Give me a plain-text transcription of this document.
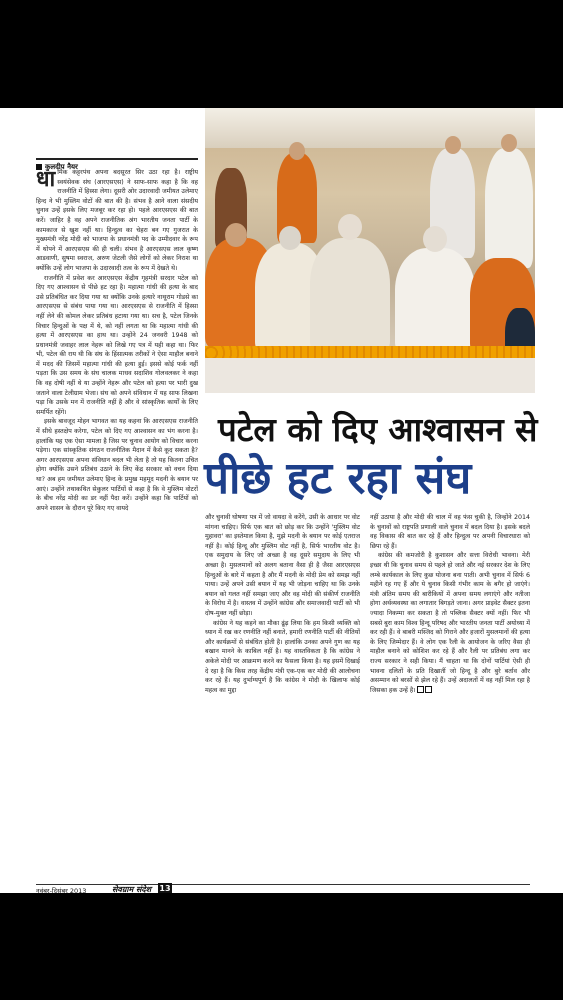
कुलदीप नैयर

धार्मिक कट्टरपंथ अपना बदसूरत सिर उठा रहा है। राष्ट्रीय स्वयंसेवक संघ (आरएसएस) ने साफ-साफ कहा है कि वह राजनीति में हिस्सा लेगा। दूसरी ओर उदारवादी जमीयत उलेमाए हिन्द ने भी मुस्लिम वोटों की बात की है। संभव है आने वाला संसदीय चुनाव उन्हें इसके लिए मजबूर कर रहा हो। पहले आरएसएस की बात करें। जाहिर है वह अपने राजनीतिक अंग भारतीय जनता पार्टी के कामकाज से खुश नहीं था। हिन्दुत्व का चेहरा बन गए गुजरात के मुख्यमंत्री नरेंद्र मोदी को भाजपा के प्रधानमंत्री पद के उम्मीदवार के रूप में थोपने में आरएसएस की ही चली। संभव है आरएसएस लाल कृष्ण आडवाणी, सुषमा स्वराज, अरुण जेटली जैसे लोगों को लेकर निराश था क्योंकि उन्हें लोग भाजपा के उदारवादी तत्व के रूप में देखते थे।

राजनीति में प्रवेश कर आरएसएस केंद्रीय गृहमंत्री सरदार पटेल को दिए गए आश्वासन से पीछे हट रहा है। महात्मा गांधी की हत्या के बाद उसे प्रतिबंधित कर दिया गया था क्योंकि उनके हत्यारे नाथूराम गोडसे का आरएसएस से संबंध पाया गया था। आरएसएस से राजनीति में हिस्सा नहीं लेने की कोमल लेकर प्रतिबंध हटाया गया था। सच है, पटेल जिनके विचार हिन्दुओं के पक्ष में थे, को नहीं लगता था कि महात्मा गांधी की हत्या में आरएसएस का हाथ था। उन्होंने 24 जनवरी 1948 को प्रधानमंत्री जवाहर लाल नेहरू को लिखे गए पत्र में यही कहा था। फिर भी, पटेल की राय थी कि संघ के हिंसात्मक तरीकों ने ऐसा माहौल बनाने में मदद की जिसमें महात्मा गांधी की हत्या हुई। इससे कोई फर्क नहीं पड़ता कि उस समय के संघ चालक माधव सदाशिव गोलवलकर ने कहा कि वह दोषी नहीं थे या उन्होंने नेहरू और पटेल को हत्या पर भारी दुख जताने वाला टेलीग्राम भेजा। संघ को अपने संविधान में यह साफ लिखना पड़ा कि उसके मन में राजनीति नहीं है और वे सांस्कृतिक कार्यों के लिए समर्पित रहेंगे।

इसके बावजूद मोहन भागवत का यह कहना कि आरएसएस राजनीति में सीधे हस्तक्षेप करेगा, पटेल को दिए गए आश्वासन का भंग करना है। हालांकि यह एक ऐसा मामला है जिस पर चुनाव आयोग को विचार करना पड़ेगा। एक सांस्कृतिक संगठन राजनीतिक मैदान में कैसे कूद सकता है? अगर आरएसएस अपना संविधान बदल भी लेता है तो यह कितना उचित होगा क्योंकि उसने प्रतिबंध उठाने के लिए केंद्र सरकार को वचन दिया था? अब हम जमीयत उलेमाए हिन्द के प्रमुख महमूद मदनी के बयान पर आएं। उन्होंने तथाकथित सेकुलर पार्टियों से कहा है कि वे मुस्लिम वोटरों के बीच नरेंद्र मोदी का डर नहीं पैदा करें। उन्होंने कहा कि पार्टियों को अपने शासन के दौरान पूरे किए गए वायदे

पटेल को दिए आश्वासन से
पीछे हट रहा संघ

और चुनावी घोषणा पत्र में जो वायदा वे करेंगे, उसी के आधार पर वोट मांगना चाहिए। सिर्फ एक बात को छोड़ कर कि उन्होंने 'मुस्लिम वोट मुहावरा' का इस्तेमाल किया है, मुझे मदनी के बयान पर कोई एतराज नहीं है। कोई हिन्दू और मुस्लिम वोट नहीं है, सिर्फ भारतीय वोट है। एक समुदाय के लिए जो अच्छा है वह दूसरे समुदाय के लिए भी अच्छा है। मुसलमानों को अलग बताना वैसा ही है जैसा आरएसएस हिन्दुओं के बारे में कहता है और मैं मदनी के मोदी प्रेम को समझ नहीं पाया। उन्हें अपने उसी बयान में यह भी जोड़ना चाहिए था कि उनके बयान को गलत नहीं समझा जाए और वह मोदी की संकीर्ण राजनीति के विरोध में है। वास्तव में उन्होंने कांग्रेस और समाजवादी पार्टी को भी दोष-मुक्त नहीं छोड़ा।

कांग्रेस ने यह कहने का मौका ढूंढ़ लिया कि हम किसी व्यक्ति को ध्यान में रख कर रणनीति नहीं बनाते, हमारी रणनीति पार्टी की नीतियों और कार्यक्रमों से संबंधित होती है। हालांकि उनका अपने गुण का यह बखान मानने के काबिल नहीं है। यह वास्तविकता है कि कांग्रेस ने अकेले मोदी पर आक्रमण करने का फैसला किया है। यह इसमें दिखाई दे रहा है कि किस तरह केंद्रीय मंत्री एक-एक कर मोदी की आलोचना कर रहे हैं। यह दुर्भाग्यपूर्ण है कि कांग्रेस ने मोदी के खिलाफ कोई महत्व का मुद्दा

नहीं उठाया है और मोदी की चाल में वह फंस चुकी है, जिन्होंने 2014 के चुनावों को राष्ट्रपति प्रणाली वाले चुनाव में बदल दिया है। इसके बदले वह विकास की बात कर रहे हैं और हिन्दुत्व पर अपनी विचारधारा को छिपा रहे हैं।

कांग्रेस की कमजोरी है कुशासन और सत्ता विरोधी भावना। मेरी इच्छा थी कि चुनाव समय से पहले हो जाते और नई सरकार देश के लिए लम्बे कार्यकाल के लिए कुछ योजना बना पाती। अभी चुनाव में सिर्फ 6 महीने रह गए हैं और ये चुनाव किसी गंभीर काम के बगैर हो जाएंगे। मंत्री अंतिम समय की बारीकियों में अपना समय लगाएंगे और नतीजा होगा अर्थव्यवस्था का लगातार बिगड़ते जाना। अगर प्राइवेट सैक्टर इतना ज्यादा निकम्मा कर सकता है तो पब्लिक सैक्टर क्यों नहीं। फिर भी सबसे बुरा काम विश्व हिन्दू परिषद और भारतीय जनता पार्टी अयोध्या में कर रही हैं। वे बाबरी मस्जिद को गिराने और हजारों मुसलमानों की हत्या के लिए जिम्मेदार हैं। वे लोग एक रैली के आयोजन के जरिए वैसा ही माहौल बनाने को कोशिश कर रहे हैं और रैली पर प्रतिबंध लगा कर राज्य सरकार ने सही किया। मैं चाहता था कि दोनों पार्टियां ऐसी ही भावना दलितों के प्रति दिखातीं जो हिन्दू है और बुरे बर्ताव और असम्मान को बरसों से झेल रहे हैं। उन्हें अदालतों में वह नहीं मिल रहा है जिसका हक उन्हें है।

नवंबर-दिसंबर 2013	सेवग्राम संदेश 13
